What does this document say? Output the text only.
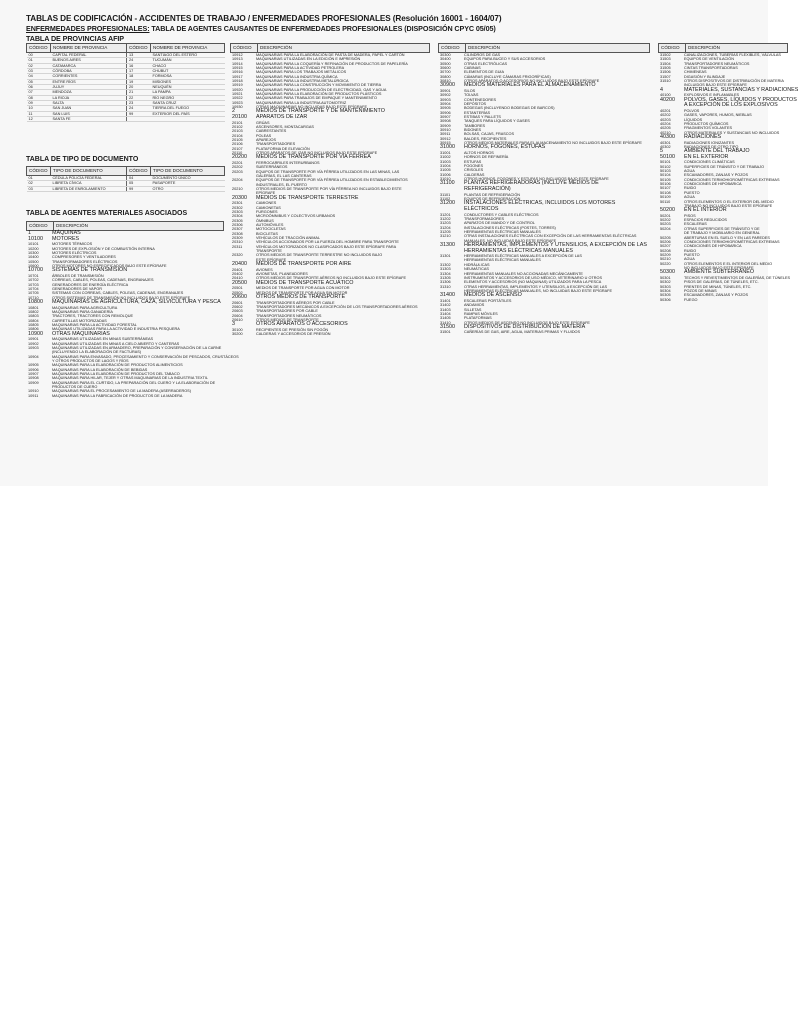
TABLAS DE CODIFICACIÓN - ACCIDENTES DE TRABAJO / ENFERMEDADES PROFESIONALES (Resolución 16001 - 1604/07)
ENFERMEDADES PROFESIONALES: TABLA DE AGENTES CAUSANTES DE ENFERMEDADES PROFESIONALES (DISPOSICIÓN CPYC 05/05)
TABLA DE PROVINCIAS AFIP
CÓDIGO	NOMBRE DE PROVINCIA	CÓDIGO	NOMBRE DE PROVINCIA
00	CAPITAL FEDERAL	13	SANTIAGO DEL ESTERO
01	BUENOS AIRES	24	TUCUMÁN
02	CATAMARCA	16	CHACO
03	CÓRDOBA	17	CHUBUT
04	CORRIENTES	18	FORMOSA
05	ENTRE RÍOS	19	MISIONES
06	JUJUY	20	NEUQUÉN
07	MENDOZA	21	LA PAMPA
08	LA RIOJA	22	RÍO NEGRO
09	SALTA	23	SANTA CRUZ
10	SAN JUAN	24	TIERRA DEL FUEGO
11	SAN LUIS	99	EXTERIOR DEL PAÍS
12	SANTA FE		
TABLA DE TIPO DE DOCUMENTO
CÓDIGO	TIPO DE DOCUMENTO	CÓDIGO	TIPO DE DOCUMENTO
01	CÉDULA POLICÍA FEDERAL	04	DOCUMENTO ÚNICO
02	LIBRETA CÍVICA	05	PASAPORTE
03	LIBRETA DE ENROLAMIENTO	99	OTRO
TABLA DE AGENTES MATERIALES ASOCIADOS
CÓDIGO	DESCRIPCIÓN
1	MÁQUINAS
10100	MOTORES
10101	MOTORES TÉRMICOS
10200	MOTORES DE EXPLOSIÓN Y DE COMBUSTIÓN INTERNA
10300	MOTORES ELÉCTRICOS
10400	COMPRESORES Y VENTILADORES
10500	TRANSFORMADORES ELÉCTRICOS
10600	OTROS MOTORES NO ESPECIFICADOS BAJO ESTE EPÍGRAFE
10700	SISTEMAS DE TRANSMISIÓN
10701	ÁRBOLES DE TRANSMISIÓN
10702	CORREAS, CABLES, POLEAS, CADENAS, ENGRANAJES
10703	GENERADORES DE ENERGÍA ELÉCTRICA
10704	GENERADORES DE VAPOR
10705	SISTEMAS CON CORREAS, CABLES, POLEAS, CADENAS, ENGRANAJES
10710	OTROS SISTEMAS DE TRANSMISIÓN NO INCLUIDOS BAJO ESTE EPÍGRAFE
10800	MAQUINARIAS DE AGRICULTURA, CAZA, SILVICULTURA Y PESCA
10801	MAQUINARIAS PARA AGRICULTURA
10802	MAQUINARIAS PARA GANADERÍA
10803	TRACTORES, TRACTORES CON REMOLQUE
10804	CARRETILLAS MOTORIZADAS
10805	MAQUINARIAS PARA LA ACTIVIDAD FORESTAL
10806	MAQUINAS UTILIZADAS PARA LA ACTIVIDAD E INDUSTRIA PESQUERA
10900	OTRAS MAQUINARIAS
10901	MAQUINARIAS UTILIZADAS EN MINAS SUBTERRÁNEAS
10902	MAQUINARIAS UTILIZADAS EN MINAS A CIELO ABIERTO Y CANTERAS
10903	MAQUINARIAS UTILIZADAS EN ARMADERO, PREPARACIÓN Y CONSERVACIÓN DE LA CARNE
(INCLUYENDO LA ELABORACIÓN DE FACTURAS)
10904	MAQUINARIAS PARA ENVASADO, PROCESAMIENTO Y CONSERVACIÓN DE PESCADOS, CRUSTÁCEOS
Y OTROS PRODUCTOS DE LAGOS Y RÍOS
10905	MAQUINARIAS PARA LA ELABORACIÓN DE PRODUCTOS ALIMENTICIOS
10906	MAQUINARIAS PARA LA ELABORACIÓN DE BEBIDAS
10907	MAQUINARIAS PARA LA ELABORACIÓN DE PRODUCTOS DEL TABACO
10908	MAQUINARIAS PARA HILAR, TEJER Y OTRAS MAQUINARIAS DE LA INDUSTRIA TEXTIL
10909	MAQUINARIAS PARA EL CURTIDO, LA PREPARACIÓN DEL CUERO Y LA ELABORACIÓN DE
PRODUCTOS DE CUERO
10910	MAQUINARIAS PARA EL PROCESAMIENTO DE LA MADERA (ASERRADEROS)
10911	MAQUINARIAS PARA LA FABRICACIÓN DE PRODUCTOS DE LA MADERA
CÓDIGO	DESCRIPCIÓN
10912	MAQUINARIAS PARA LA ELABORACIÓN DE PASTA DE MADERA, PAPEL Y CARTÓN
10913	MAQUINARIAS UTILIZADAS EN LA EDICIÓN E IMPRESIÓN
10914	MAQUINARIAS PARA LA COQUERÍA Y REFINACIÓN DE PRODUCTOS DE PAPELERÍA
10915	MAQUINARIAS PARA LA ACTIVIDAD PETROLERA
10916	MAQUINARIAS PARA LOS TRABAJOS METÁLICOS
10917	MAQUINARIAS PARA LA INDUSTRIA QUÍMICA
10918	MAQUINARIAS PARA LA INDUSTRIA METALÚRGICA
10919	MAQUINARIAS PARA LA CONSTRUCCIÓN Y MOVIMIENTO DE TIERRA
10920	MAQUINARIAS PARA LA PRODUCCIÓN DE ELECTRICIDAD, GAS Y AGUA
10921	MAQUINARIAS PARA LA ELABORACIÓN DE PRODUCTOS PLÁSTICOS
10922	MAQUINARIAS PARA TRABAJOS DE EMPAQUE Y MANTENIMIENTO
10923	MAQUINARIAS PARA LA INDUSTRIA AUTOMOTRIZ
10930	OTRAS MAQUINARIAS NO INCLUIDAS BAJO ESTE EPÍGRAFE
2	MEDIOS DE TRANSPORTE Y DE MANTENIMIENTO
20100	APARATOS DE IZAR
20101	GRÚAS
20102	ASCENSORES, MONTACARGAS
20103	CABRESTANTES
20104	POLEAS
20105	APAREJOS
20106	TRANSPORTADORES
20107	PLATAFORMA DE ELEVACIÓN
20110	OTROS APARATOS DE IZAR NO INCLUIDOS BAJO ESTE EPÍGRAFE
20200	MEDIOS DE TRANSPORTE POR VÍA FÉRREA
20201	FERROCARRILES INTERURBANOS
20202	SUBTERRÁNEOS
20203	EQUIPOS DE TRANSPORTE POR VÍA FÉRREA UTILIZADOS EN LAS MINAS, LAS
GALERÍAS, EL LAS CANTERAS
20204	EQUIPOS DE TRANSPORTE POR VÍA FÉRREA UTILIZADOS EN ESTABLECIMIENTOS
INDUSTRIALES, EL PUERTO
20210	OTROS MEDIOS DE TRANSPORTE POR VÍA FÉRREA NO INCLUIDOS BAJO ESTE
EPÍGRAFE
20300	MEDIOS DE TRANSPORTE TERRESTRE
20301	CAMIONES
20302	CAMIONETAS
20303	FURGONES
20304	MICROÓMNIBUS Y COLECTIVOS URBANOS
20305	ÓMNIBUS
20306	AUTOMÓVILES
20307	MOTOCICLETAS
20308	BICICLETAS
20309	VEHÍCULOS DE TRACCIÓN ANIMAL
20310	VEHÍCULOS ACCIONADOS POR LA FUERZA DEL HOMBRE PARA TRANSPORTE
20311	VEHÍCULOS MOTORIZADOS NO CLASIFICADOS BAJO ESTE EPÍGRAFE PARA
TRANSPORTE
20320	OTROS MEDIOS DE TRANSPORTE TERRESTRE NO INCLUIDOS BAJO
ESTE EPÍGRAFE
20400	MEDIOS DE TRANSPORTE POR AIRE
20401	AVIONES
20402	AVIONETAS, PLANEADORES
20410	OTROS MEDIOS DE TRANSPORTE AÉREOS NO INCLUIDOS BAJO ESTE EPÍGRAFE
20500	MEDIOS DE TRANSPORTE ACUÁTICO
20501	MEDIOS DE TRANSPORTE POR AGUA CON MOTOR
20502	MEDIOS DE TRANSPORTE POR AGUA SIN MOTOR
20600	OTROS MEDIOS DE TRANSPORTE
20601	TRANSPORTADORES AÉREOS POR CABLE
20602	TRANSPORTADORES MECÁNICOS A EXCEPCIÓN DE LOS TRANSPORTADORES AÉREOS
20603	TRANSPORTADORES POR CABLE
20604	TRANSPORTADORES NEUMÁTICOS
20610	OTROS MEDIOS DE TRANSPORTE
3	OTROS APARATOS O ACCESORIOS
30100	RECIPIENTES DE PRESIÓN SIN FOGÓN
30200	CALDERAS Y ACCESORIOS DE PRESIÓN
CÓDIGO	DESCRIPCIÓN
30300	CILINDROS DE GAS
30400	EQUIPOS PARA BUCEO Y SUS ACCESORIOS
30500	OTRAS ELECTRÓLICAS
30600	CABINAS
30700	ELEMENTOS DE GUIA
30800	CÁMARAS (INCLUYE CÁMARAS FRIGORÍFICAS)
30810	OTROS APARATOS O ACCESORIOS NO INCLUIDOS BAJO ESTE EPÍGRAFE
30900	MEDIOS MATERIALES PARA EL ALMACENAMIENTO
30901	SILOS
30902	TOLVAS
30903	CONTENEDORES
30904	DEPÓSITOS
30905	BODEGAS (INCLUYENDO BODEGAS DE BARCOS)
30906	ESTANTERÍAS
30907	ESTIBAS Y PALLETS
30908	TANQUES PARA LÍQUIDOS Y GASES
30909	TAMBORES
30910	BIDONES
30911	BOLSAS, CAJAS, FRASCOS
30912	BALDES, RECIPIENTES
30915	OTROS MEDIOS MATERIALES PARA EL ALMACENAMIENTO NO INCLUIDOS BAJO ESTE EPÍGRAFE
31000	HORNOS, FOGONES, ESTUFAS
31001	ALTOS HORNOS
31002	HORNOS DE REFINERÍA
31003	ESTUFAS
31004	FOGONES
31005	CRISOLES
31006	CALDERAS
31010	OTROS HORNOS, FOGONES Y ESTUFAS NO INCLUIDOS BAJO ESTE EPÍGRAFE
31100	PLANTAS REFRIGERADORAS (INCLUYE MEDIOS DE
REFRIGERACIÓN)
31101	PLANTAS DE REFRIGERACIÓN
31102	EQUIPOS DE REFRIGERACIÓN
31200	INSTALACIONES ELÉCTRICAS, INCLUIDOS LOS MOTORES
ELÉCTRICOS
31201	CONDUCTORES Y CABLES ELÉCTRICOS
31202	TRANSFORMADORES
31203	APARATOS DE MANDO Y DE CONTROL
31204	INSTALACIONES ELÉCTRICAS (POSTES, TORRES)
31205	HERRAMIENTAS ELÉCTRICAS MANUALES
31210	OTRAS INSTALACIONES ELÉCTRICAS CON EXCEPCIÓN DE LAS HERRAMIENTAS ELÉCTRICAS
MANUALES, NO INCLUIDAS BAJO ESTE EPÍGRAFE
31300	HERRAMIENTAS, IMPLEMENTOS Y UTENSILIOS, A EXCEPCIÓN DE LAS
HERRAMIENTAS ELÉCTRICAS MANUALES
31301	HERRAMIENTAS ELÉCTRICAS MANUALES A EXCEPCIÓN DE LAS
HERRAMIENTAS ELÉCTRICAS MANUALES
31302	HIDRÁULICAS
31303	NEUMÁTICAS
31304	HERRAMIENTAS MANUALES NO ACCIONADAS MECÁNICAMENTE
31305	INSTRUMENTOS Y ACCESORIOS DE USO MÉDICO, VETERINARIO U OTROS
31306	ELEMENTOS Y ACCESORIOS (NO MÁQUINAS) UTILIZADOS PARA LA PESCA
31310	OTRAS HERRAMIENTAS, IMPLEMENTOS Y UTENSILIOS, A EXCEPCIÓN DE LAS
HERRAMIENTAS ELÉCTRICAS MANUALES, NO INCLUIDAS BAJO ESTE EPÍGRAFE
31400	MEDIOS DE ASCENSO
31401	ESCALERAS PORTÁTILES
31402	ANDAMIOS
31403	SILLETAS
31404	RAMPAS MÓVILES
31405	PLATAFORMAS
31410	OTROS MEDIOS DE ASCENSO NO INCLUIDOS BAJO ESTE EPÍGRAFE
31500	DISPOSITIVOS DE DISTRIBUCIÓN DE MATERIA
31501	CAÑERÍAS DE GAS, AIRE, AGUA, MATERIAS PRIMAS Y FLUIDOS
CÓDIGO	DESCRIPCIÓN
31502	CANALIZACIONES, TUBERÍAS FLEXIBLES, VÁLVULAS
31503	EQUIPOS DE VENTILACIÓN
31504	TRANSPORTADORES NEUMÁTICOS
31505	CINTAS TRANSPORTADORAS
31506	CHIMENEAS
31507	DIGASIÓN Y BLINDAJE
31510	OTROS DISPOSITIVOS DE DISTRIBUCIÓN DE MATERIA
INCLUIDOS BAJO ESTE EPÍGRAFE
4	MATERIALES, SUSTANCIAS Y RADIACIONES
40100	EXPLOSIVOS E INFLAMABLES
40200	POLVOS, GASES, LÍQUIDOS Y PRODUCTOS
A EXCEPCIÓN DE LOS EXPLOSIVOS
40201	POLVOS
40202	GASES, VAPORES, HUMOS, NIEBLAS
40203	LÍQUIDOS
40204	PRODUCTOS QUÍMICOS
40205	FRAGMENTOS VOLANTES
40210	OTROS MATERIALES Y SUSTANCIAS NO INCLUIDOS
40300	RADIACIONES
40301	RADIACIONES IONIZANTES
40302	RADIACIONES DE OTRO TIPO
5	AMBIENTE DEL TRABAJO
50100	EN EL EXTERIOR
50101	CONDICIONES CLIMÁTICAS
50102	SUPERFICIES DE TRÁNSITO Y DE TRABAJO
50103	AGUA
50104	ESCAMADORES, ZANJAS Y POZOS
50105	CONDICIONES TERMOHIGROMÉTRICAS EXTREMAS
50106	CONDICIONES DE HIPOBARICA
50107	RUIDO
50108	PUESTO
50109	AGUA
50110	OTROS ELEMENTOS O EL EXTERIOR DEL MEDIO
TRABAJO NO INCLUIDOS BAJO ESTE EPÍGRAFE
50200	EN EL INTERIOR
50201	PISOS
50202	ESPACIOS REDUCIDOS
50203	ESCALERAS
50204	OTRAS SUPERFICIES DE TRÁNSITO Y DE
DE TRABAJO Y MOBILIARIO EN GENERAL
50205	ABERTURAS EN EL SUELO Y EN LAS PAREDES
50206	CONDICIONES TERMOHIGROMÉTRICAS EXTREMAS
50207	CONDICIONES DE HIPOBARICA
50208	RUIDO
50209	PUESTO
50210	AGUA
50220	OTROS ELEMENTOS E EL INTERIOR DEL MEDIO
NO INCLUIDOS BAJO ESTE EPÍGRAFE
50300	AMBIENTE SUBTERRÁNEO
50301	TECHOS Y REVESTIMIENTOS DE GALERÍAS, DE TÚNELES
50302	PISOS DE GALERÍAS, DE TÚNELES, ETC.
50303	FRENTES DE MINAS, TÚNELES, ETC.
50304	POZOS DE MINAS
50305	ESCAMADORES, ZANJAS Y POZOS
50306	FUEGO
